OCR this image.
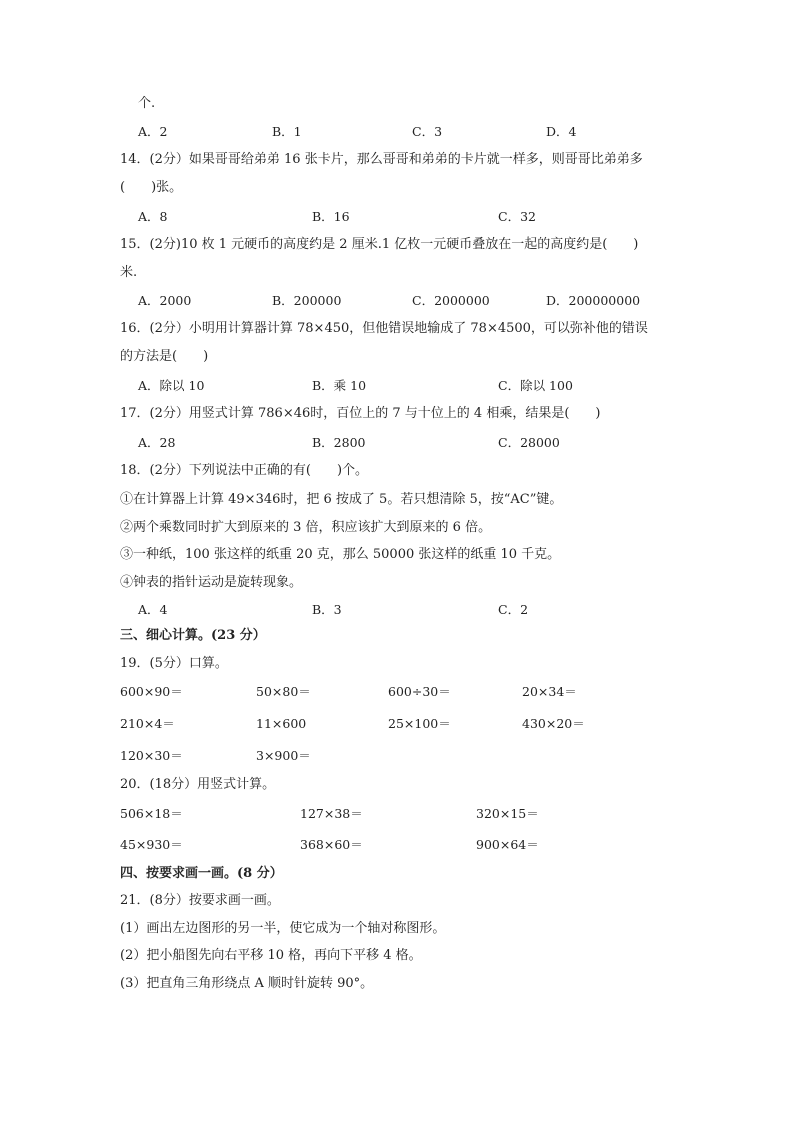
个.
A．2	B．1	C．3	D．4
14．(2分）如果哥哥给弟弟 16 张卡片，那么哥哥和弟弟的卡片就一样多，则哥哥比弟弟多
(　　)张。
A．8	B．16	C．32
15．(2分)10 枚 1 元硬币的高度约是 2 厘米.1 亿枚一元硬币叠放在一起的高度约是(　　)
米.
A．2000	B．200000	C．2000000	D．200000000
16．(2分）小明用计算器计算 78×450，但他错误地输成了 78×4500，可以弥补他的错误
的方法是(　　)
A．除以 10	B．乘 10	C．除以 100
17．(2分）用竖式计算 786×46时，百位上的 7 与十位上的 4 相乘，结果是(　　)
A．28	B．2800	C．28000
18．(2分）下列说法中正确的有(　　)个。
①在计算器上计算 49×346时，把 6 按成了 5。若只想清除 5，按“AC”键。
②两个乘数同时扩大到原来的 3 倍，积应该扩大到原来的 6 倍。
③一种纸，100 张这样的纸重 20 克，那么 50000 张这样的纸重 10 千克。
④钟表的指针运动是旋转现象。
A．4	B．3	C．2
三、细心计算。(23 分）
19．(5分）口算。
600×90＝	50×80＝	600÷30＝	20×34＝
210×4＝	11×600	25×100＝	430×20＝
120×30＝	3×900＝
20．(18分）用竖式计算。
506×18＝	127×38＝	320×15＝
45×930＝	368×60＝	900×64＝
四、按要求画一画。(8 分）
21．(8分）按要求画一画。
(1）画出左边图形的另一半，使它成为一个轴对称图形。
(2）把小船图先向右平移 10 格，再向下平移 4 格。
(3）把直角三角形绕点 A 顺时针旋转 90°。
